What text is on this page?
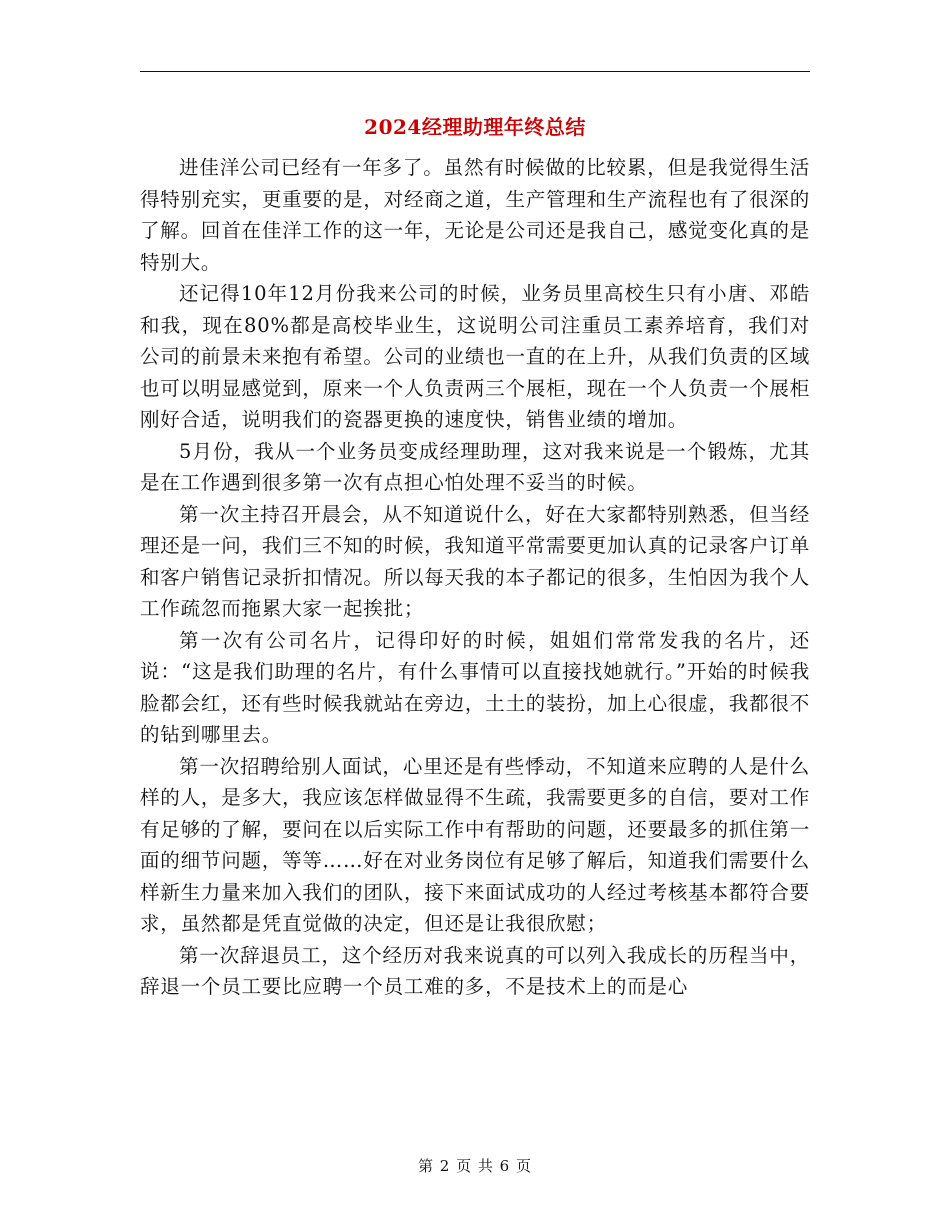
2024经理助理年终总结

进佳洋公司已经有一年多了。虽然有时候做的比较累，但是我觉得生活得特别充实，更重要的是，对经商之道，生产管理和生产流程也有了很深的了解。回首在佳洋工作的这一年，无论是公司还是我自己，感觉变化真的是特别大。

还记得10年12月份我来公司的时候，业务员里高校生只有小唐、邓皓和我，现在80%都是高校毕业生，这说明公司注重员工素养培育，我们对公司的前景未来抱有希望。公司的业绩也一直的在上升，从我们负责的区域也可以明显感觉到，原来一个人负责两三个展柜，现在一个人负责一个展柜刚好合适，说明我们的瓷器更换的速度快，销售业绩的增加。

5月份，我从一个业务员变成经理助理，这对我来说是一个锻炼，尤其是在工作遇到很多第一次有点担心怕处理不妥当的时候。

第一次主持召开晨会，从不知道说什么，好在大家都特别熟悉，但当经理还是一问，我们三不知的时候，我知道平常需要更加认真的记录客户订单和客户销售记录折扣情况。所以每天我的本子都记的很多，生怕因为我个人工作疏忽而拖累大家一起挨批；

第一次有公司名片，记得印好的时候，姐姐们常常发我的名片，还说：“这是我们助理的名片，有什么事情可以直接找她就行。”开始的时候我脸都会红，还有些时候我就站在旁边，土土的装扮，加上心很虚，我都很不的钻到哪里去。

第一次招聘给别人面试，心里还是有些悸动，不知道来应聘的人是什么样的人，是多大，我应该怎样做显得不生疏，我需要更多的自信，要对工作有足够的了解，要问在以后实际工作中有帮助的问题，还要最多的抓住第一面的细节问题，等等……好在对业务岗位有足够了解后，知道我们需要什么样新生力量来加入我们的团队，接下来面试成功的人经过考核基本都符合要求，虽然都是凭直觉做的决定，但还是让我很欣慰；

第一次辞退员工，这个经历对我来说真的可以列入我成长的历程当中，辞退一个员工要比应聘一个员工难的多，不是技术上的而是心

第 2 页 共 6 页
